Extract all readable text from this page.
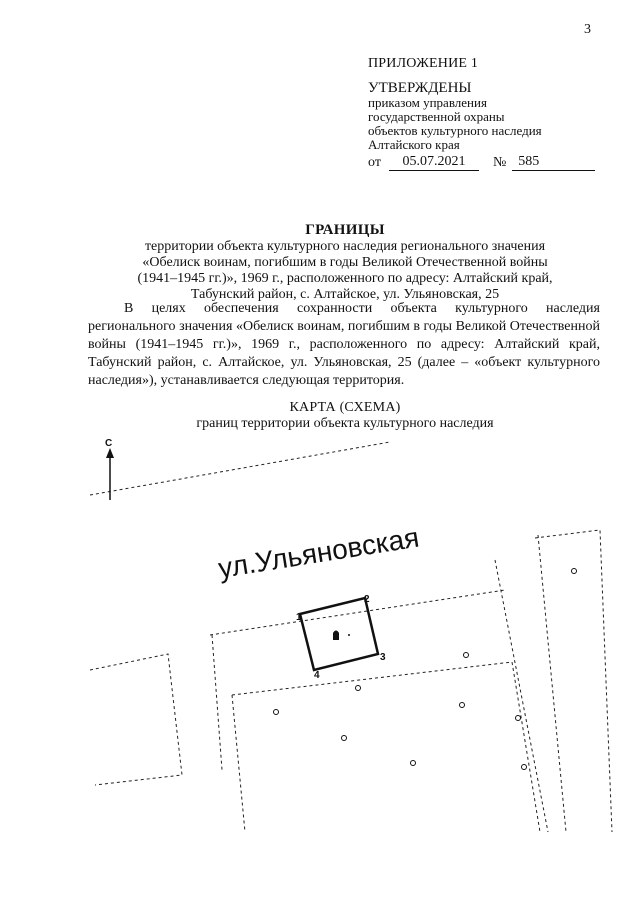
3
ПРИЛОЖЕНИЕ 1
УТВЕРЖДЕНЫ
приказом управления
государственной охраны
объектов культурного наследия
Алтайского края
от	05.07.2021	№ 585
ГРАНИЦЫ
территории объекта культурного наследия регионального значения
«Обелиск воинам, погибшим в годы Великой Отечественной войны
(1941–1945 гг.)», 1969 г., расположенного по адресу: Алтайский край,
Табунский район, с. Алтайское, ул. Ульяновская, 25
В целях обеспечения сохранности объекта культурного наследия регионального значения «Обелиск воинам, погибшим в годы Великой Отечественной войны (1941–1945 гг.)», 1969 г., расположенного по адресу: Алтайский край, Табунский район, с. Алтайское, ул. Ульяновская, 25 (далее – «объект культурного наследия»), устанавливается следующая территория.
КАРТА (СХЕМА)
границ территории объекта культурного наследия
С
ул.Ульяновская
1
2
3
4
